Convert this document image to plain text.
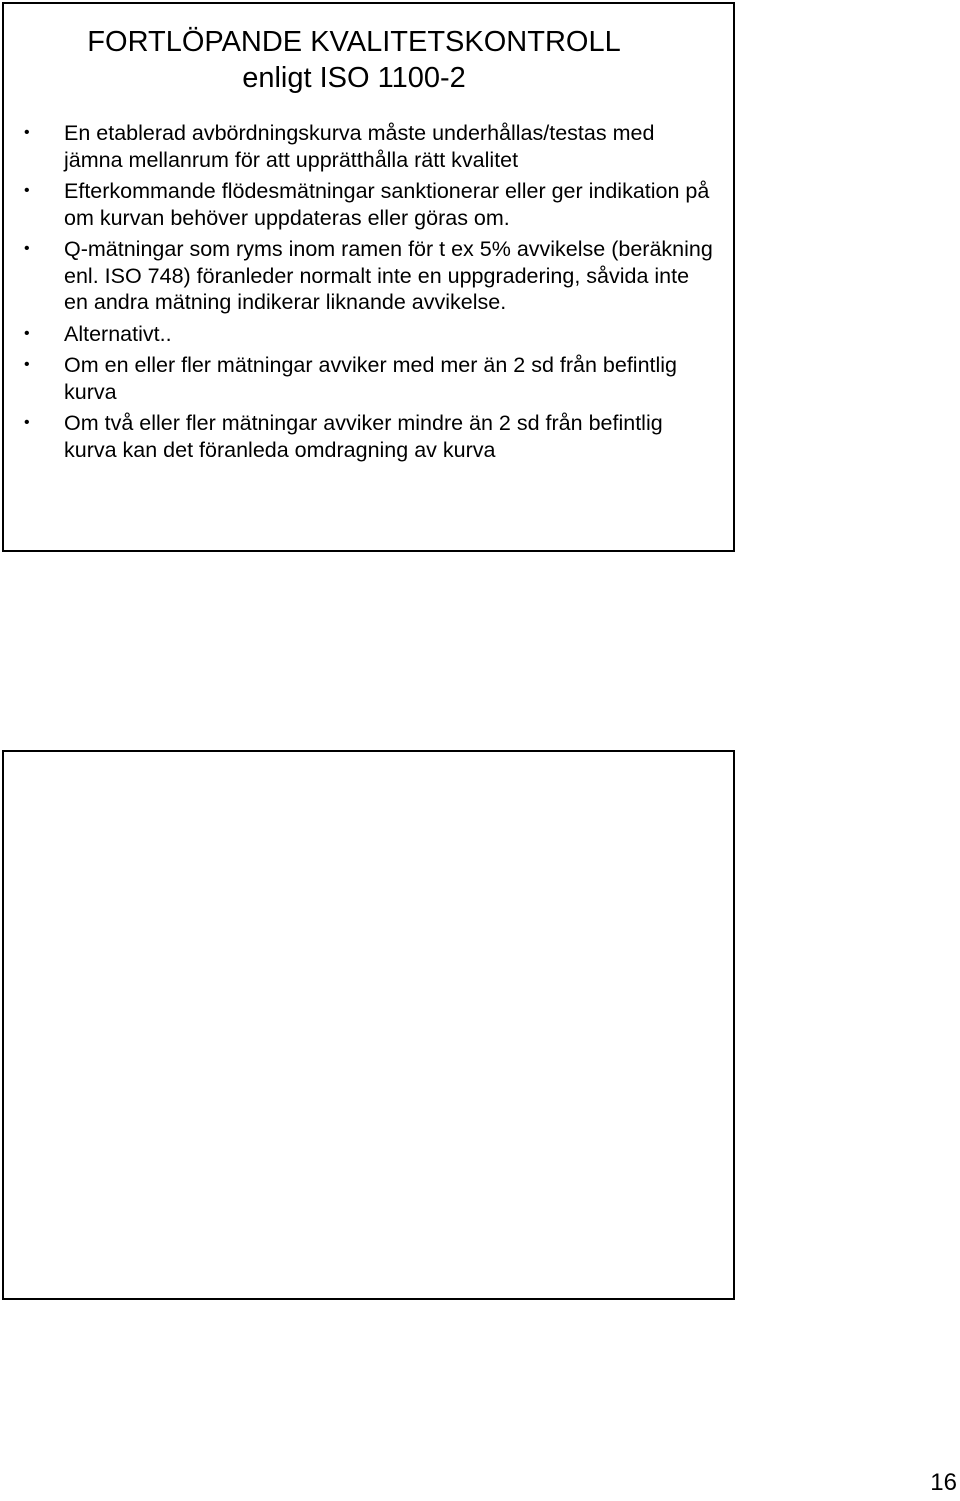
FORTLÖPANDE KVALITETSKONTROLL
enligt ISO 1100-2
•	En etablerad avbördningskurva måste underhållas/testas med jämna mellanrum för att upprätthålla rätt kvalitet
•	Efterkommande flödesmätningar sanktionerar eller ger indikation på om kurvan behöver uppdateras eller göras om.
•	Q-mätningar som ryms inom ramen för t ex 5% avvikelse (beräkning enl. ISO 748) föranleder normalt inte en uppgradering, såvida inte en andra mätning indikerar liknande avvikelse.
•	Alternativt..
•	Om en eller fler mätningar avviker med mer än 2 sd från befintlig kurva
•	Om två eller fler mätningar avviker mindre än 2 sd från befintlig kurva kan det föranleda omdragning av kurva
16
